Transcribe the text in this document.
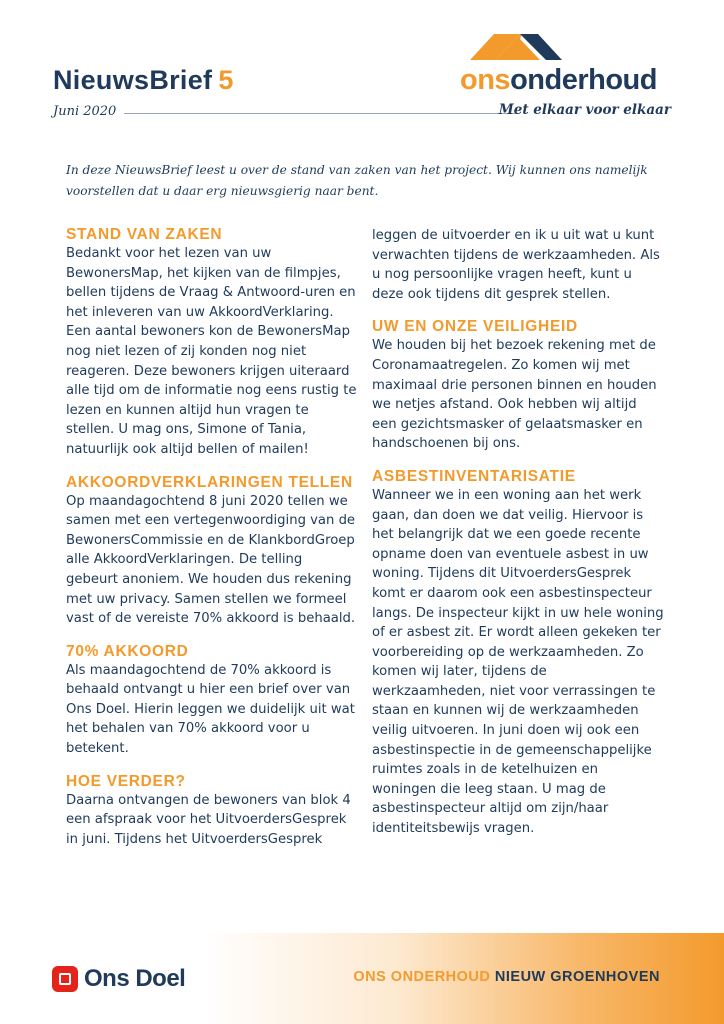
NieuwsBrief 5
Juni 2020
onsonderhoud
Met elkaar voor elkaar
In deze NieuwsBrief leest u over de stand van zaken van het project. Wij kunnen ons namelijk voorstellen dat u daar erg nieuwsgierig naar bent.
STAND VAN ZAKEN

Bedankt voor het lezen van uw BewonersMap, het kijken van de filmpjes, bellen tijdens de Vraag & Antwoord-uren en het inleveren van uw AkkoordVerklaring. Een aantal bewoners kon de BewonersMap nog niet lezen of zij konden nog niet reageren. Deze bewoners krijgen uiteraard alle tijd om de informatie nog eens rustig te lezen en kunnen altijd hun vragen te stellen. U mag ons, Simone of Tania, natuurlijk ook altijd bellen of mailen!

AKKOORDVERKLARINGEN TELLEN

Op maandagochtend 8 juni 2020 tellen we samen met een vertegenwoordiging van de BewonersCommissie en de KlankbordGroep alle AkkoordVerklaringen. De telling gebeurt anoniem. We houden dus rekening met uw privacy. Samen stellen we formeel vast of de vereiste 70% akkoord is behaald.

70% AKKOORD

Als maandagochtend de 70% akkoord is behaald ontvangt u hier een brief over van Ons Doel. Hierin leggen we duidelijk uit wat het behalen van 70% akkoord voor u betekent.

HOE VERDER?

Daarna ontvangen de bewoners van blok 4 een afspraak voor het UitvoerdersGesprek in juni. Tijdens het UitvoerdersGesprek

leggen de uitvoerder en ik u uit wat u kunt verwachten tijdens de werkzaamheden. Als u nog persoonlijke vragen heeft, kunt u deze ook tijdens dit gesprek stellen.

UW EN ONZE VEILIGHEID

We houden bij het bezoek rekening met de Coronamaatregelen. Zo komen wij met maximaal drie personen binnen en houden we netjes afstand. Ook hebben wij altijd een gezichtsmasker of gelaatsmasker en handschoenen bij ons.

ASBESTINVENTARISATIE

Wanneer we in een woning aan het werk gaan, dan doen we dat veilig. Hiervoor is het belangrijk dat we een goede recente opname doen van eventuele asbest in uw woning. Tijdens dit UitvoerdersGesprek komt er daarom ook een asbestinspecteur langs. De inspecteur kijkt in uw hele woning of er asbest zit. Er wordt alleen gekeken ter voorbereiding op de werkzaamheden. Zo komen wij later, tijdens de werkzaamheden, niet voor verrassingen te staan en kunnen wij de werkzaamheden veilig uitvoeren. In juni doen wij ook een asbestinspectie in de gemeenschappelijke ruimtes zoals in de ketelhuizen en woningen die leeg staan. U mag de asbestinspecteur altijd om zijn/haar identiteitsbewijs vragen.

Ons Doel	ONS ONDERHOUD NIEUW GROENHOVEN
